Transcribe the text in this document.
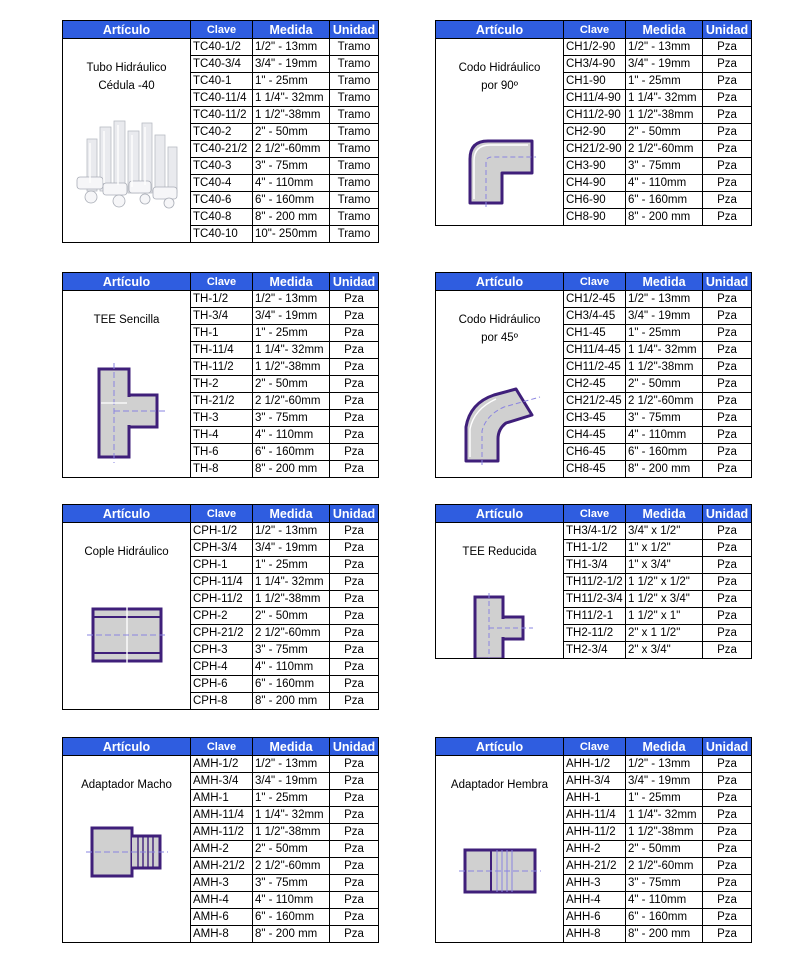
Artículo	Clave	Medida	Unidad

Tubo Hidráulico
Cédula -40	TC40-1/2	1/2" - 13mm	Tramo
	TC40-3/4	3/4" - 19mm	Tramo
	TC40-1	1" - 25mm	Tramo
	TC40-11/4	1 1/4"- 32mm	Tramo
	TC40-11/2	1 1/2"-38mm	Tramo
	TC40-2	2" - 50mm	Tramo
	TC40-21/2	2 1/2"-60mm	Tramo
	TC40-3	3" - 75mm	Tramo
	TC40-4	4" - 110mm	Tramo
	TC40-6	6" - 160mm	Tramo
	TC40-8	8" - 200 mm	Tramo
	TC40-10	10"- 250mm	Tramo
Artículo	Clave	Medida	Unidad

Codo Hidráulico
por 90º	CH1/2-90	1/2" - 13mm	Pza
	CH3/4-90	3/4" - 19mm	Pza
	CH1-90	1" - 25mm	Pza
	CH11/4-90	1 1/4"- 32mm	Pza
	CH11/2-90	1 1/2"-38mm	Pza
	CH2-90	2" - 50mm	Pza
	CH21/2-90	2 1/2"-60mm	Pza
	CH3-90	3" - 75mm	Pza
	CH4-90	4" - 110mm	Pza
	CH6-90	6" - 160mm	Pza
	CH8-90	8" - 200 mm	Pza
Artículo	Clave	Medida	Unidad

TEE Sencilla	TH-1/2	1/2" - 13mm	Pza
	TH-3/4	3/4" - 19mm	Pza
	TH-1	1" - 25mm	Pza
	TH-11/4	1 1/4"- 32mm	Pza
	TH-11/2	1 1/2"-38mm	Pza
	TH-2	2" - 50mm	Pza
	TH-21/2	2 1/2"-60mm	Pza
	TH-3	3" - 75mm	Pza
	TH-4	4" - 110mm	Pza
	TH-6	6" - 160mm	Pza
	TH-8	8" - 200 mm	Pza
Artículo	Clave	Medida	Unidad

Codo Hidráulico
por 45º	CH1/2-45	1/2" - 13mm	Pza
	CH3/4-45	3/4" - 19mm	Pza
	CH1-45	1" - 25mm	Pza
	CH11/4-45	1 1/4"- 32mm	Pza
	CH11/2-45	1 1/2"-38mm	Pza
	CH2-45	2" - 50mm	Pza
	CH21/2-45	2 1/2"-60mm	Pza
	CH3-45	3" - 75mm	Pza
	CH4-45	4" - 110mm	Pza
	CH6-45	6" - 160mm	Pza
	CH8-45	8" - 200 mm	Pza
Artículo	Clave	Medida	Unidad

Cople Hidráulico	CPH-1/2	1/2" - 13mm	Pza
	CPH-3/4	3/4" - 19mm	Pza
	CPH-1	1" - 25mm	Pza
	CPH-11/4	1 1/4"- 32mm	Pza
	CPH-11/2	1 1/2"-38mm	Pza
	CPH-2	2" - 50mm	Pza
	CPH-21/2	2 1/2"-60mm	Pza
	CPH-3	3" - 75mm	Pza
	CPH-4	4" - 110mm	Pza
	CPH-6	6" - 160mm	Pza
	CPH-8	8" - 200 mm	Pza
Artículo	Clave	Medida	Unidad

TEE Reducida	TH3/4-1/2	3/4" x 1/2"	Pza
	TH1-1/2	1" x 1/2"	Pza
	TH1-3/4	1" x 3/4"	Pza
	TH11/2-1/2	1 1/2" x 1/2"	Pza
	TH11/2-3/4	1 1/2" x 3/4"	Pza
	TH11/2-1	1 1/2" x 1"	Pza
	TH2-11/2	2" x 1 1/2"	Pza
	TH2-3/4	2" x 3/4"	Pza
Artículo	Clave	Medida	Unidad

Adaptador Macho	AMH-1/2	1/2" - 13mm	Pza
	AMH-3/4	3/4" - 19mm	Pza
	AMH-1	1" - 25mm	Pza
	AMH-11/4	1 1/4"- 32mm	Pza
	AMH-11/2	1 1/2"-38mm	Pza
	AMH-2	2" - 50mm	Pza
	AMH-21/2	2 1/2"-60mm	Pza
	AMH-3	3" - 75mm	Pza
	AMH-4	4" - 110mm	Pza
	AMH-6	6" - 160mm	Pza
	AMH-8	8" - 200 mm	Pza
Artículo	Clave	Medida	Unidad

Adaptador Hembra	AHH-1/2	1/2" - 13mm	Pza
	AHH-3/4	3/4" - 19mm	Pza
	AHH-1	1" - 25mm	Pza
	AHH-11/4	1 1/4"- 32mm	Pza
	AHH-11/2	1 1/2"-38mm	Pza
	AHH-2	2" - 50mm	Pza
	AHH-21/2	2 1/2"-60mm	Pza
	AHH-3	3" - 75mm	Pza
	AHH-4	4" - 110mm	Pza
	AHH-6	6" - 160mm	Pza
	AHH-8	8" - 200 mm	Pza
